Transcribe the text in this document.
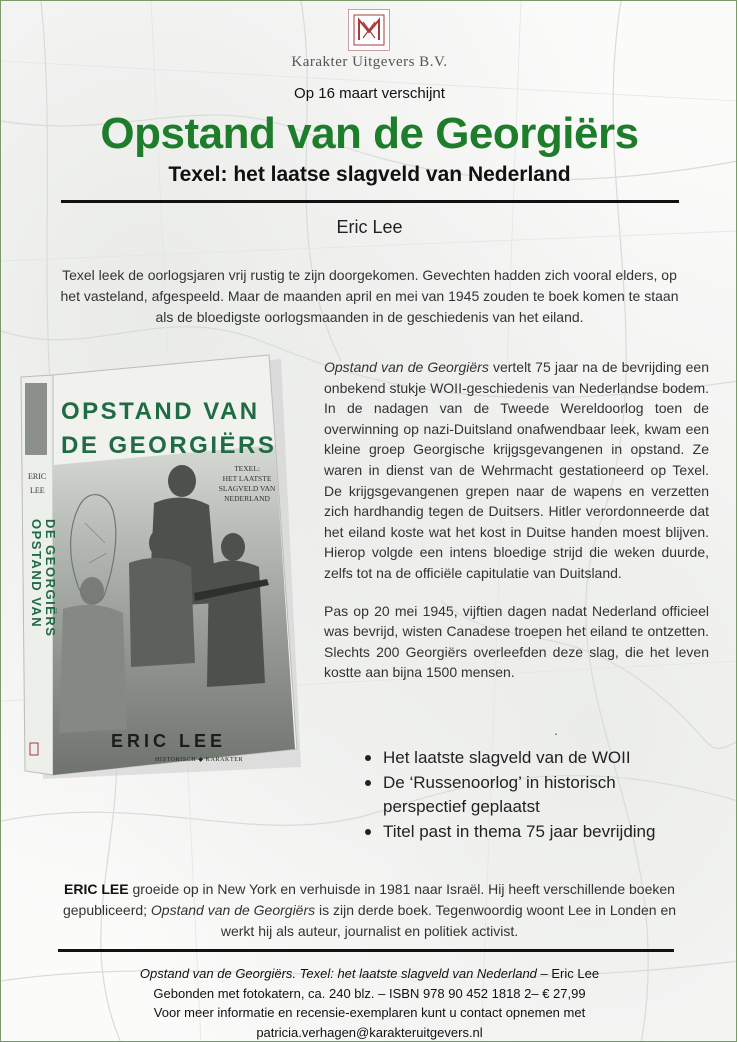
Karakter Uitgevers B.V.
Op 16 maart verschijnt
Opstand van de Georgiërs
Texel: het laatse slagveld van Nederland
Eric Lee
Texel leek de oorlogsjaren vrij rustig te zijn doorgekomen. Gevechten hadden zich vooral elders, op het vasteland, afgespeeld. Maar de maanden april en mei van 1945 zouden te boek komen te staan als de bloedigste oorlogsmaanden in de geschiedenis van het eiland.
OPSTAND VAN
DE GEORGIËRS
TEXEL:
HET LAATSTE
SLAGVELD VAN
NEDERLAND
ERIC LEE
HISTORISCH ◆ KARAKTER
ERIC
LEE
OPSTAND VAN DE GEORGIËRS

Opstand van de Georgiërs vertelt 75 jaar na de bevrijding een onbekend stukje WOII-geschiedenis van Nederlandse bodem. In de nadagen van de Tweede Wereldoorlog toen de overwinning op nazi-Duitsland onafwendbaar leek, kwam een kleine groep Georgische krijgsgevangenen in opstand. Ze waren in dienst van de Wehrmacht gestationeerd op Texel. De krijgsgevangenen grepen naar de wapens en verzetten zich hardhandig tegen de Duitsers. Hitler verordonneerde dat het eiland koste wat het kost in Duitse handen moest blijven. Hierop volgde een intens bloedige strijd die weken duurde, zelfs tot na de officiële capitulatie van Duitsland.

Pas op 20 mei 1945, vijftien dagen nadat Nederland officieel was bevrijd, wisten Canadese troepen het eiland te ontzetten. Slechts 200 Georgiërs overleefden deze slag, die het leven kostte aan bijna 1500 mensen.

.
Het laatste slagveld van de WOII
De ‘Russenoorlog’ in historisch perspectief geplaatst
Titel past in thema 75 jaar bevrijding
ERIC LEE groeide op in New York en verhuisde in 1981 naar Israël. Hij heeft verschillende boeken gepubliceerd; Opstand van de Georgiërs is zijn derde boek. Tegenwoordig woont Lee in Londen en werkt hij als auteur, journalist en politiek activist.
Opstand van de Georgiërs. Texel: het laatste slagveld van Nederland – Eric Lee
Gebonden met fotokatern, ca. 240 blz. – ISBN 978 90 452 1818 2– € 27,99
Voor meer informatie en recensie-exemplaren kunt u contact opnemen met
patricia.verhagen@karakteruitgevers.nl
